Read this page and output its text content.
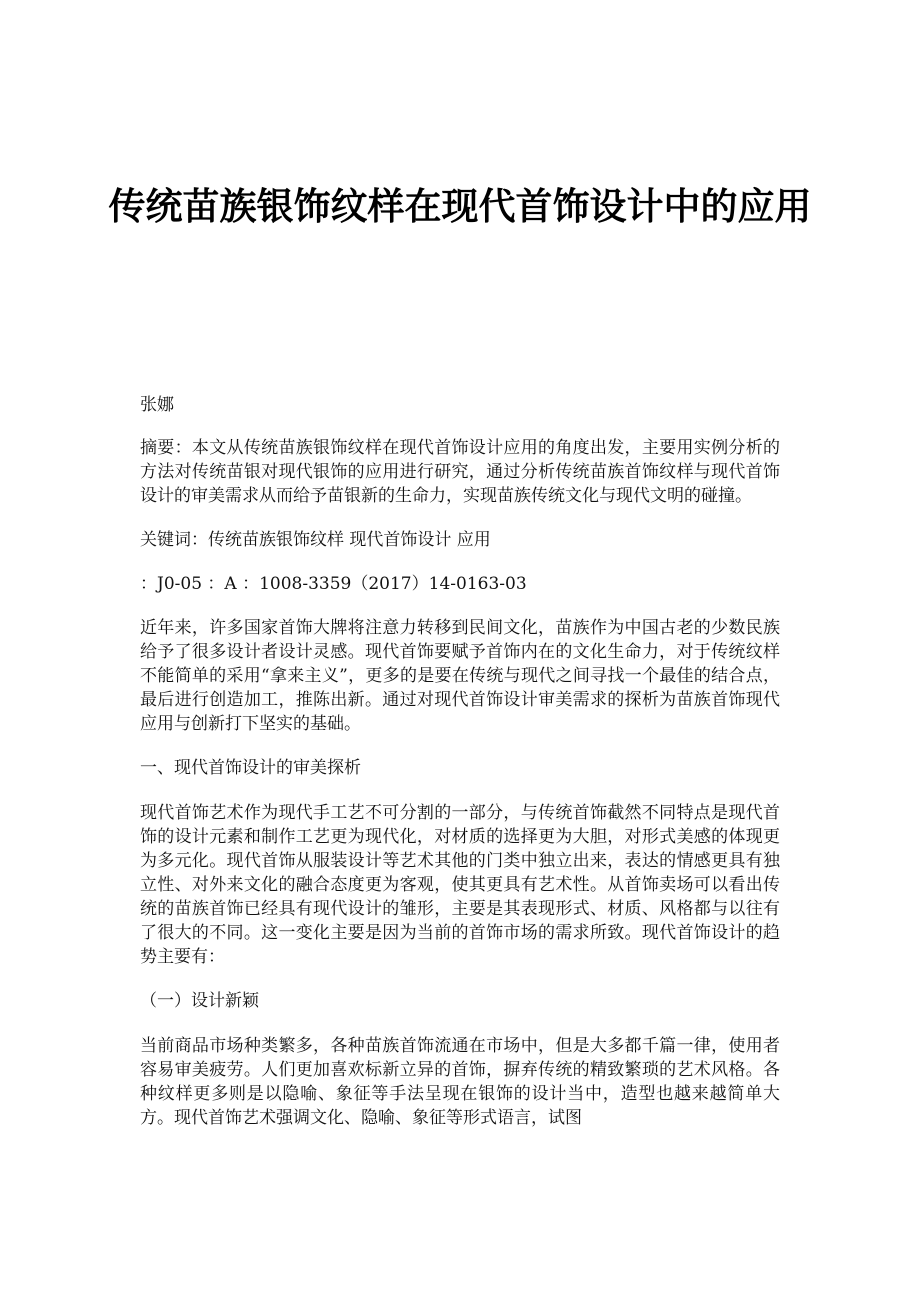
传统苗族银饰纹样在现代首饰设计中的应用

张娜

摘要：本文从传统苗族银饰纹样在现代首饰设计应用的角度出发，主要用实例分析的方法对传统苗银对现代银饰的应用进行研究，通过分析传统苗族首饰纹样与现代首饰设计的审美需求从而给予苗银新的生命力，实现苗族传统文化与现代文明的碰撞。

关键词：传统苗族银饰纹样 现代首饰设计 应用

：J0-05 ：A ：1008-3359（2017）14-0163-03

近年来，许多国家首饰大牌将注意力转移到民间文化，苗族作为中国古老的少数民族给予了很多设计者设计灵感。现代首饰要赋予首饰内在的文化生命力，对于传统纹样不能简单的采用“拿来主义”，更多的是要在传统与现代之间寻找一个最佳的结合点，最后进行创造加工，推陈出新。通过对现代首饰设计审美需求的探析为苗族首饰现代应用与创新打下坚实的基础。

一、现代首饰设计的审美探析

现代首饰艺术作为现代手工艺不可分割的一部分，与传统首饰截然不同特点是现代首饰的设计元素和制作工艺更为现代化，对材质的选择更为大胆，对形式美感的体现更为多元化。现代首饰从服装设计等艺术其他的门类中独立出来，表达的情感更具有独立性、对外来文化的融合态度更为客观，使其更具有艺术性。从首饰卖场可以看出传统的苗族首饰已经具有现代设计的雏形，主要是其表现形式、材质、风格都与以往有了很大的不同。这一变化主要是因为当前的首饰市场的需求所致。现代首饰设计的趋势主要有：

（一）设计新颖

当前商品市场种类繁多，各种苗族首饰流通在市场中，但是大多都千篇一律，使用者容易审美疲劳。人们更加喜欢标新立异的首饰，摒弃传统的精致繁琐的艺术风格。各种纹样更多则是以隐喻、象征等手法呈现在银饰的设计当中，造型也越来越简单大方。现代首饰艺术强调文化、隐喻、象征等形式语言，试图
